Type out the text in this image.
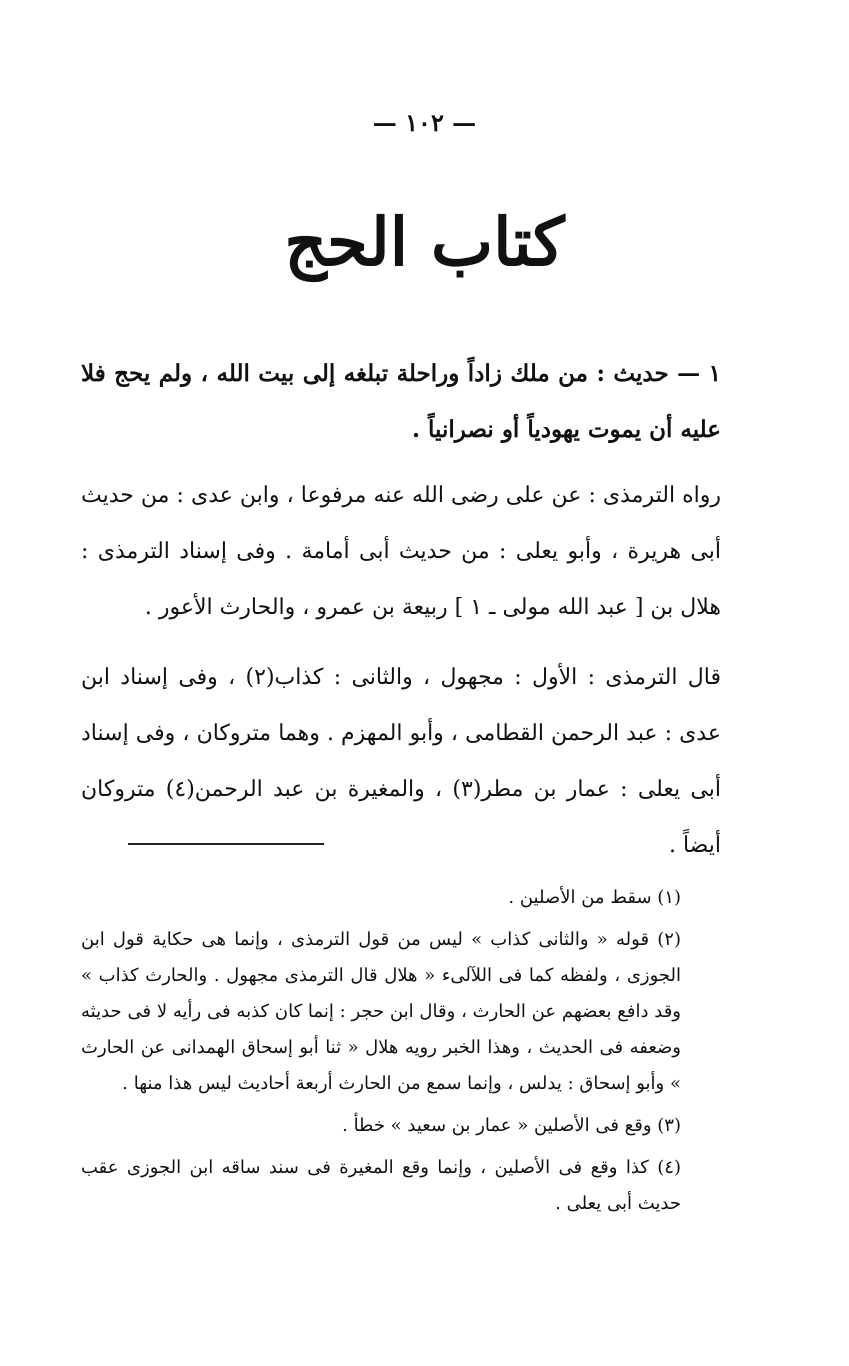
— ١٠٢ —
كتاب الحج
١ — حديث : من ملك زاداً وراحلة تبلغه إلى بيت الله ، ولم يحج فلا عليه أن يموت يهودياً أو نصرانياً .
رواه الترمذى : عن على رضى الله عنه مرفوعا ، وابن عدى : من حديث أبى هريرة ، وأبو يعلى : من حديث أبى أمامة . وفى إسناد الترمذى : هلال بن [ عبد الله مولى ـ ١ ] ربيعة بن عمرو ، والحارث الأعور .
قال الترمذى : الأول : مجهول ، والثانى : كذاب(٢) ، وفى إسناد ابن عدى : عبد الرحمن القطامى ، وأبو المهزم . وهما متروكان ، وفى إسناد أبى يعلى : عمار بن مطر(٣) ، والمغيرة بن عبد الرحمن(٤) متروكان أيضاً .
(١) سقط من الأصلين .
(٢) قوله « والثانى كذاب » ليس من قول الترمذى ، وإنما هى حكاية قول ابن الجوزى ، ولفظه كما فى اللآلىء « هلال قال الترمذى مجهول . والحارث كذاب » وقد دافع بعضهم عن الحارث ، وقال ابن حجر : إنما كان كذبه فى رأيه لا فى حديثه وضعفه فى الحديث ، وهذا الخبر رويه هلال « ثنا أبو إسحاق الهمدانى عن الحارث » وأبو إسحاق : يدلس ، وإنما سمع من الحارث أربعة أحاديث ليس هذا منها .
(٣) وقع فى الأصلين « عمار بن سعيد » خطأ .
(٤) كذا وقع فى الأصلين ، وإنما وقع المغيرة فى سند ساقه ابن الجوزى عقب حديث أبى يعلى .
